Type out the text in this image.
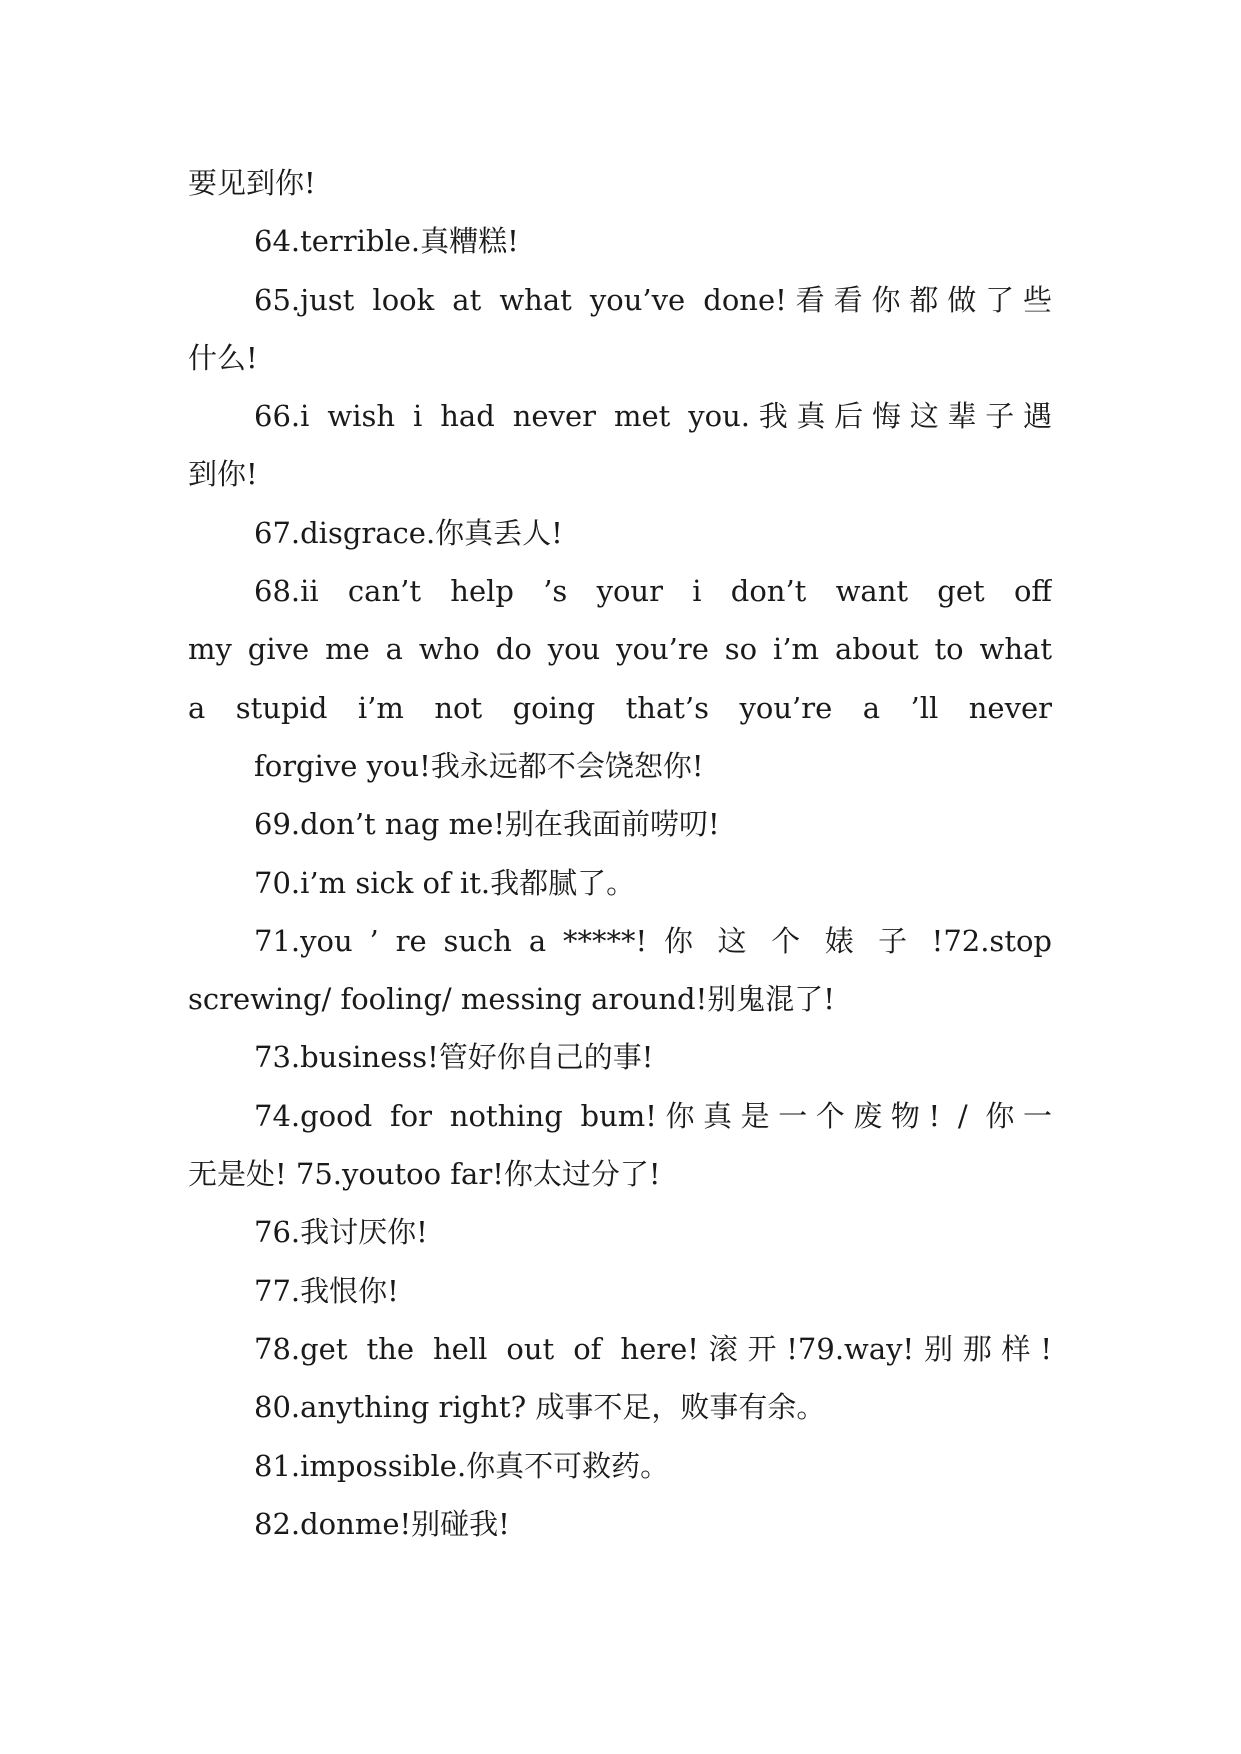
要见到你!
64.terrible.真糟糕!
65.just look at what you’ve done!看看你都做了些
什么!
66.i wish i had never met you.我真后悔这辈子遇
到你!
67.disgrace.你真丢人!
68.ii can’t help ’s your i don’t want get off
my give me a who do you you’re so i’m about to what
a stupid i’m not going that’s you’re a ’ll never
forgive you!我永远都不会饶恕你!
69.don’t nag me!别在我面前唠叨!
70.i’m sick of it.我都腻了。
71.you ’ re such a *****! 你 这 个 婊 子 !72.stop
screwing/ fooling/ messing around!别鬼混了!
73.business!管好你自己的事!
74.good for nothing bum!你真是一个废物! / 你一
无是处! 75.youtoo far!你太过分了!
76.我讨厌你!
77.我恨你!
78.get the hell out of here!滚开!79.way!别那样!
80.anything right? 成事不足，败事有余。
81.impossible.你真不可救药。
82.donme!别碰我!
